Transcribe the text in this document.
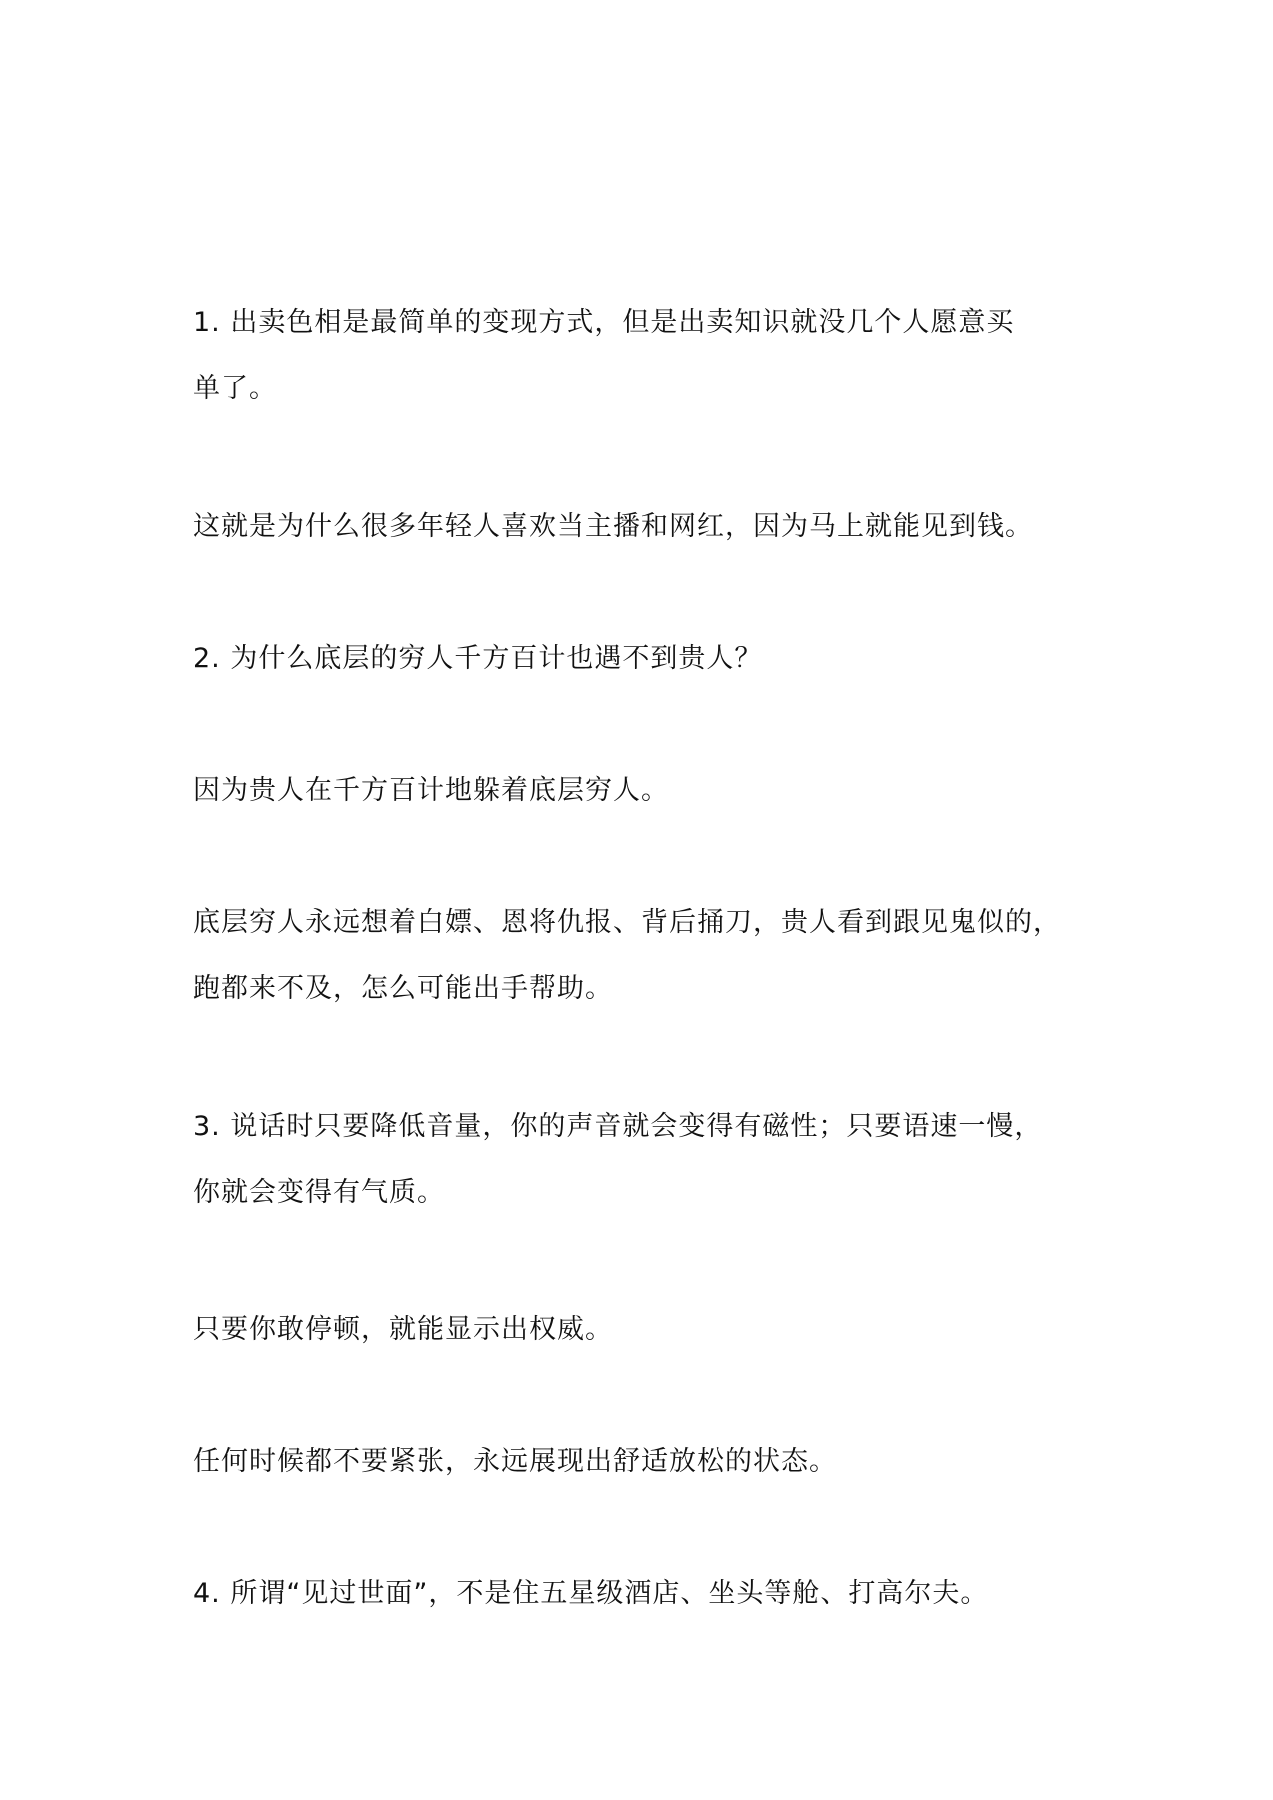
1. 出卖色相是最简单的变现方式，但是出卖知识就没几个人愿意买
单了。

这就是为什么很多年轻人喜欢当主播和网红，因为马上就能见到钱。

2. 为什么底层的穷人千方百计也遇不到贵人？

因为贵人在千方百计地躲着底层穷人。

底层穷人永远想着白嫖、恩将仇报、背后捅刀，贵人看到跟见鬼似的，
跑都来不及，怎么可能出手帮助。

3. 说话时只要降低音量，你的声音就会变得有磁性；只要语速一慢，
你就会变得有气质。

只要你敢停顿，就能显示出权威。

任何时候都不要紧张，永远展现出舒适放松的状态。

4. 所谓“见过世面”，不是住五星级酒店、坐头等舱、打高尔夫。
